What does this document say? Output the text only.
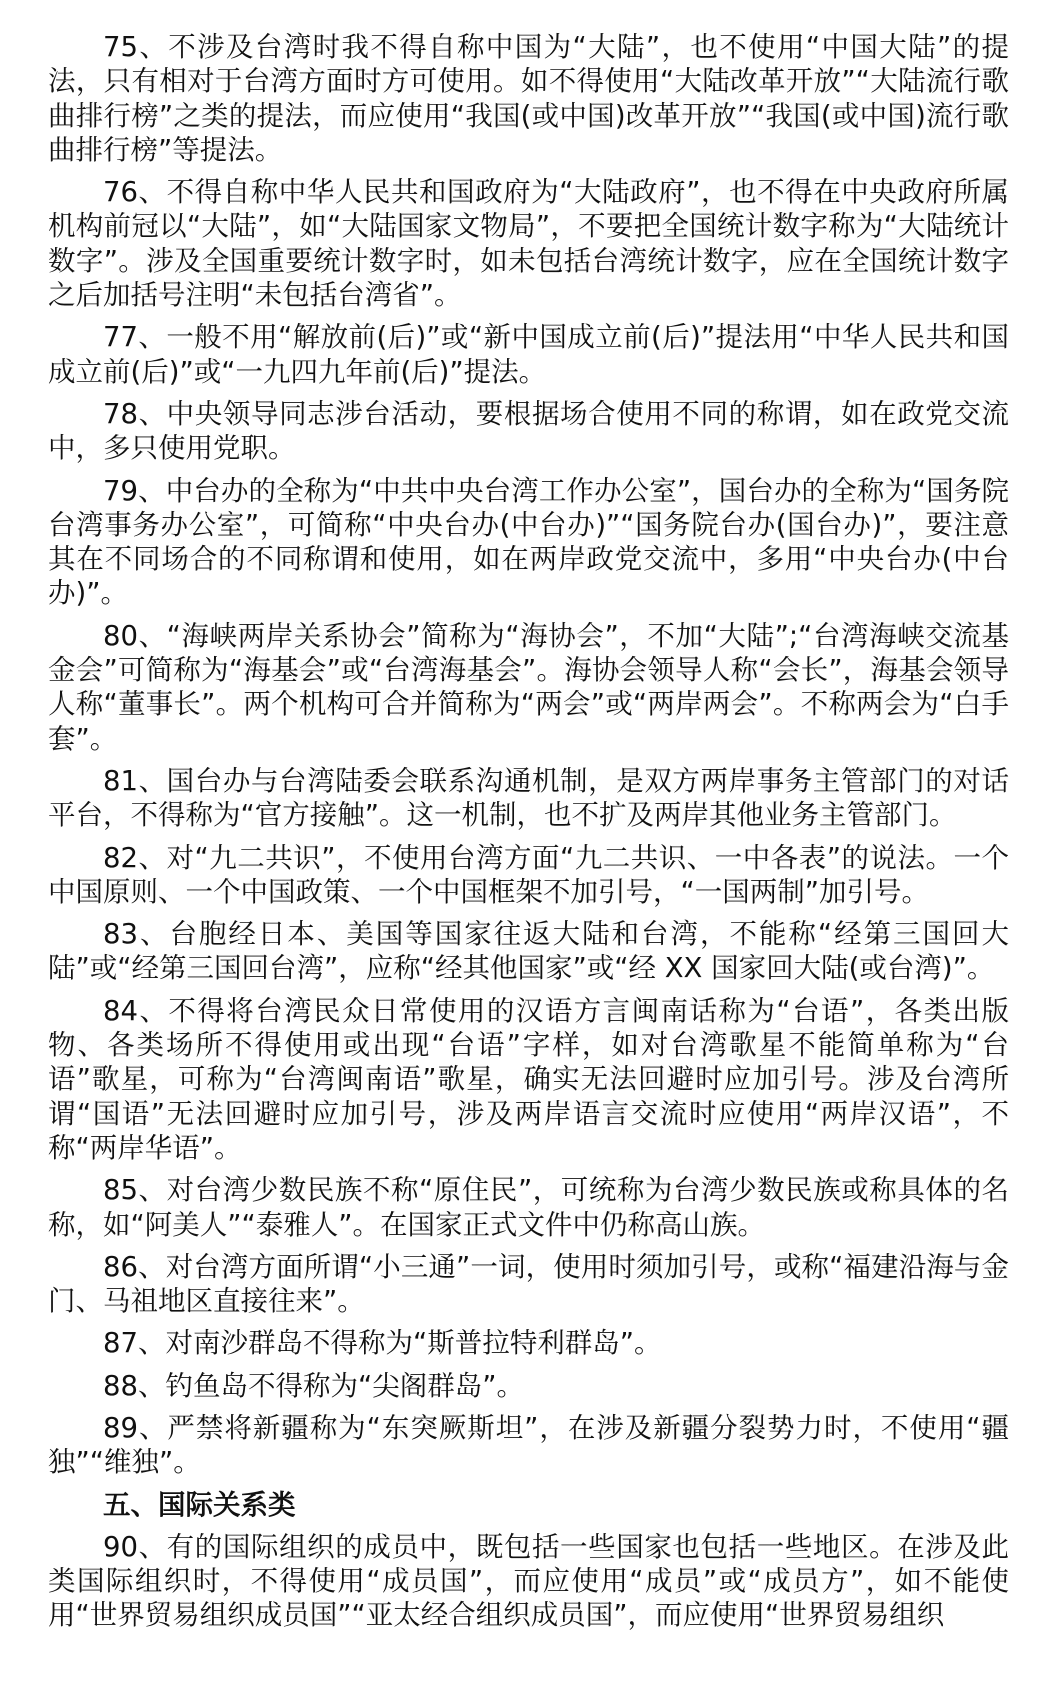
75、不涉及台湾时我不得自称中国为“大陆”，也不使用“中国大陆”的提法，只有相对于台湾方面时方可使用。如不得使用“大陆改革开放”“大陆流行歌曲排行榜”之类的提法，而应使用“我国(或中国)改革开放”“我国(或中国)流行歌曲排行榜”等提法。

76、不得自称中华人民共和国政府为“大陆政府”，也不得在中央政府所属机构前冠以“大陆”，如“大陆国家文物局”，不要把全国统计数字称为“大陆统计数字”。涉及全国重要统计数字时，如未包括台湾统计数字，应在全国统计数字之后加括号注明“未包括台湾省”。

77、一般不用“解放前(后)”或“新中国成立前(后)”提法用“中华人民共和国成立前(后)”或“一九四九年前(后)”提法。

78、中央领导同志涉台活动，要根据场合使用不同的称谓，如在政党交流中，多只使用党职。

79、中台办的全称为“中共中央台湾工作办公室”，国台办的全称为“国务院台湾事务办公室”，可简称“中央台办(中台办)”“国务院台办(国台办)”，要注意其在不同场合的不同称谓和使用，如在两岸政党交流中，多用“中央台办(中台办)”。

80、“海峡两岸关系协会”简称为“海协会”，不加“大陆”;“台湾海峡交流基金会”可简称为“海基会”或“台湾海基会”。海协会领导人称“会长”，海基会领导人称“董事长”。两个机构可合并简称为“两会”或“两岸两会”。不称两会为“白手套”。

81、国台办与台湾陆委会联系沟通机制，是双方两岸事务主管部门的对话平台，不得称为“官方接触”。这一机制，也不扩及两岸其他业务主管部门。

82、对“九二共识”，不使用台湾方面“九二共识、一中各表”的说法。一个中国原则、一个中国政策、一个中国框架不加引号，“一国两制”加引号。

83、台胞经日本、美国等国家往返大陆和台湾，不能称“经第三国回大陆”或“经第三国回台湾”，应称“经其他国家”或“经 XX 国家回大陆(或台湾)”。

84、不得将台湾民众日常使用的汉语方言闽南话称为“台语”，各类出版物、各类场所不得使用或出现“台语”字样，如对台湾歌星不能简单称为“台语”歌星，可称为“台湾闽南语”歌星，确实无法回避时应加引号。涉及台湾所谓“国语”无法回避时应加引号，涉及两岸语言交流时应使用“两岸汉语”，不称“两岸华语”。

85、对台湾少数民族不称“原住民”，可统称为台湾少数民族或称具体的名称，如“阿美人”“泰雅人”。在国家正式文件中仍称高山族。

86、对台湾方面所谓“小三通”一词，使用时须加引号，或称“福建沿海与金门、马祖地区直接往来”。

87、对南沙群岛不得称为“斯普拉特利群岛”。

88、钓鱼岛不得称为“尖阁群岛”。

89、严禁将新疆称为“东突厥斯坦”，在涉及新疆分裂势力时，不使用“疆独”“维独”。

五、国际关系类

90、有的国际组织的成员中，既包括一些国家也包括一些地区。在涉及此类国际组织时，不得使用“成员国”，而应使用“成员”或“成员方”，如不能使用“世界贸易组织成员国”“亚太经合组织成员国”，而应使用“世界贸易组织
